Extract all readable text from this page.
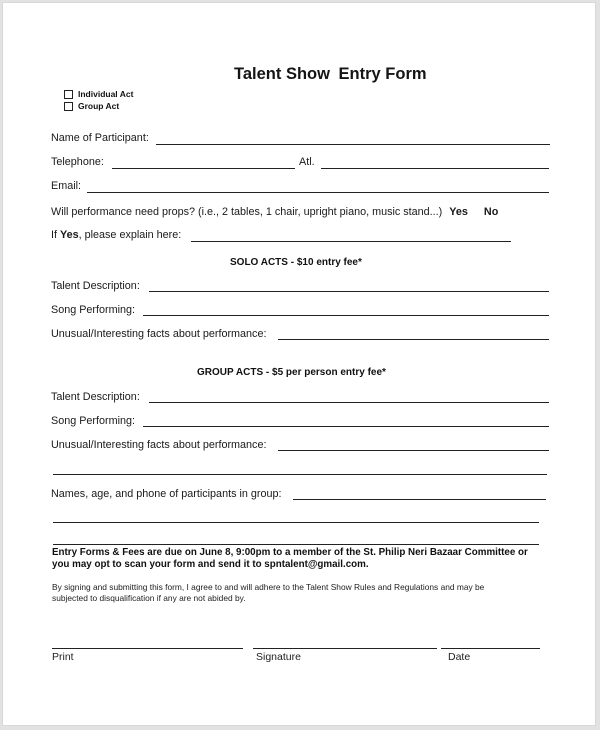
Talent Show Entry Form
Individual Act
Group Act
Name of Participant:
Telephone:	Atl.
Email:
Will performance need props? (i.e., 2 tables, 1 chair, upright piano, music stand...) Yes No
If Yes, please explain here:
SOLO ACTS - $10 entry fee*
Talent Description:
Song Performing:
Unusual/Interesting facts about performance:
GROUP ACTS - $5 per person entry fee*
Talent Description:
Song Performing:
Unusual/Interesting facts about performance:
Names, age, and phone of participants in group:
Entry Forms & Fees are due on June 8, 9:00pm to a member of the St. Philip Neri Bazaar Committee or
you may opt to scan your form and send it to spntalent@gmail.com.
By signing and submitting this form, I agree to and will adhere to the Talent Show Rules and Regulations and may be
subjected to disqualification if any are not abided by.
Print	Signature	Date
